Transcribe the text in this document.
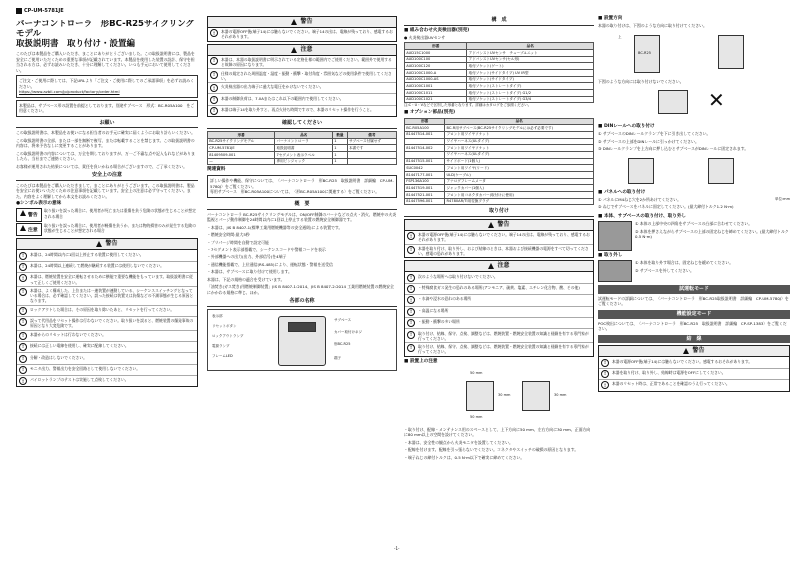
CP-UM-5781JE
バーナコントローラ　形BC-R25サイクリングモデル
取扱説明書　取り付け・設置編
このたびは本製品をご購入いただき、まことにありがとうございました。この取扱説明書には、製品を安全にご使用いただくための重要な事項が記載されています。本製品を使用した装置の設計、保守を担当される方は、必ずお読みいただき、十分に理解してください。いつも手元において使用してください。
ご注文・ご使用に際しては、下記URLより「ご注文・ご使用に際してのご承諾事項」を必ずお読みください。
https://www.azbil.com/jp/product/factory/order.html
本製品は、サブベース形の設置を前提としております。別途サブベース　形式：BC-R05A100　をご用意ください。
お願い
この取扱説明書は、本製品をお使いになる担当者のお手元に確実に届くようにお取り計らいください。
この取扱説明書の全部、または一部を無断で複写、または転載することを禁じます。この取扱説明書の内容は、将来予告なしに変更することがあります。
この取扱説明書の内容については、万全を期しておりますが、万一ご不審な点や記入もれなどがありましたら、当社までご連絡ください。
お客様が運用された結果については、責任を負いかねる場合がございますので、ご了承ください。
安全上の注意
このたびは本製品をご購入いただきまして、まことにありがとうございます。この取扱説明書は、製品を安全にお使いいただくための注意事項を記載しています。安全上の注意は必ず守ってください。また、内容をよく理解してから本文をお読みください。
●シンボル表示の意味
警告
取り扱いを誤った場合に、使用者が死亡または重傷を負う危険の状態が生じることが想定される場合
注意
取り扱いを誤った場合に、使用者が軽傷を負うか、または物的損害のみが発生する危険の状態が生じることが想定される場合
警告
!	本器は、24時間以内に1回以上停止する装置に使用してください。
!	本器は、24時間以上連続して燃焼が継続する装置には使用しないでください。
!	本器は、燃焼装置を安全に運転させるために横能で重要な機能をもっています。取扱説明書に従って正しくご使用ください。
!	本器は、よく構成した、上位または一連装置が連動している、シーケンススイッチングとなっている場合は、必ず確認してください。誤った接続は装置又は負傷などの不測事態が生じる原因となります。
!	ロックアウトした場合は、その原因を取り除いたあと、リセットを行ってください。
!	誤って代用品をリセット操作は行わないでください。取り扱いを誤ると、燃焼装置の爆発事故の原因となり大変危険です。
!	本器からのリセットは行わないでください。
!	接続には正しい電線を使用し、確実に配線してください。
!	分解・改造はしないでください。
!	モニタ出力、警報出力を安全回路として使用しないでください。
!	パイロットランプのテストは実施して点検してください。
警告
!	本器の電源OFF後(端子14)には触らないでください。端子14の出は、電線が残っており、感電するおそれがあります。
注意
!	本器は、本器の取扱説明書に明示されている定格仕様の範囲内でご使用ください。範囲外で使用すると故障の原因になります。
!	仕様の規定された周囲温度・湿度・振動・衝撃・取付角度・雰囲気などの使用条件で使用してください。
!	火炎検出器の出力端子に過大な電圧をかけないでください。
!	本器の制御負荷は、7.0Aまたはこれ以下の範囲内で使用してください。
!	本器は端子14を取り外すと、再点火待ち時間ですので、本器のリセット操作を行うこと。
確認してください
形番	品名	数量	備考
BC-R25サイクリングモデル	バーナコントローラ	1	サブベース付属せず
CP-UM-5781JE	取扱説明書	1	本書です
81409509-001	7セグメント表示ラベル	1	
—	専用ピンジャック	1	
関連資料
詳しい操作や機能、保守については、〈バーナコントローラ　形BC-R25　取扱説明書　詳細編　CP-UM-5780J〉をご覧ください。
専用サブベース　形BC-R05A100については、〈形BC-R05A100に関連する〉をご覧ください。
概　要
バーナコントローラ BC-R25サイクリングモデルは、ON/OFF制御のバーナなどの点火・消火、燃焼中の火炎監視とパージ動作制御を24時間以内に1回以上停止する装置の燃焼安全制御器です。
・本器は、JIS B 8407-1(標準工業用燃焼機器等の安全通則)による装置です。
・燃焼安全時間:最大5秒
・プリパージ時間を自動で設定可能
・7セグメント表示部搭載で、シーケンスコードや警報コードを表示
・外部機器への出力(出力、外部信号)を4端子
・通信機能搭載で、上位通信(RS-485)により、運転状態・警報を送受信
・本器は、サブベースに取り付けて使用します。
本器は、下記の規格の適合を受けています。
「油焚き(ガス焚き)用燃焼制御装置」JIS B 8407-1:2014、JIS B 8407-2:2014 工業用燃焼装置の燃焼安全にかかわる規格に準じ、ほか。
各部の名称
表示部
リセットボタン
ロックアウトランプ
電源ランプ
フレームLED
サブベース
カバー取付けネジ
形BC-R25
端子
構　成
■ 組み合わせ火炎検出器(別売)
● 火炎検出器UVセンサ
形番	品名
AUD15C1000	アドバンストUVセンサ　チューブユニット
AUD100C100	アドバンストUVセンサ(セル形)
AUD100C120	取付ソケット(ゲート)
AUD100C1000-A	取付ソケット(サイドタイプ) UV IR型
AUD100C1000-AS	取付ソケット(サイドタイプ)
AUD100C1001	取付ソケット(ストレートタイプ)
AUD100C1011	取付ソケット(ストレートタイプ) G1/2
AUD100C1021	取付ソケット(ストレートタイプ) G3/4
注:C・U・Vなどで区別した形番となります。詳細はカタログをご参照ください。
■ オプション部品(別売)
形番	品名
BC-R05A100	BC-R用サブベース(BC-R25サイクリングモデルには必ず必要です)
81447514-001	フロント用ワイヤソケット
	ワイヤハーネス(ULタイプ)
81447514-002	フロント用ワイヤソケット
	ワイヤハーネス(ULタイプ)
81447515-001	サイドボード(1個入)
SUC0042	フロント用ワイヤ(リード)
81447177-001	ULD(ケーブル)
FSP136A100	アナログフレームメータ
81447519-001	ジャックカバー(1個入)
81447521-001	フロント用コネクタカバー(取付けに使用)
81447596-001	R4780AR/TI用変換プラグ
取り付け
警告
!	本器の電源OFF後(端子14)には触らないでください。端子14の出は、電線が残っており、感電するおそれがあります。
!	本器を取り付け、取り外し、および結線のときは、本器および接続機器の電源をすべて切ってください。感電の恐れがあります。
注意
!	次のような場所へは取り付けないでください。
!	・特殊腐食ガス発生の恐れのある場所(アンモニア、硫黄、塩素、エチレン化合物、酸、その他)
!	・水滴や浸水の恐れのある場所
!	・高温になる場所
!	・振動・衝撃の多い場所
!	取り付け、結線、保守、点検、調整などは、燃焼装置・燃焼安全装置の知識と経験を有する専門家が行ってください。
!	取り付け、結線、保守、点検、調整などは、燃焼装置・燃焼安全装置の知識と経験を有する専門家が行ってください。
■ 設置上の注意
50 mm
30 mm	30 mm
50 mm
・取り付け、配線・メンテナンス用のスペースとして、上下方向に50 mm、左右方向に30 mm、正面方向に80 mm以上の空間を設けてください。
・本器は、安全性の観点から火炎モニタを設置してください。
・配線を付けます。配線を引っ張らないでください。コネクタやスイッチの破損の原因となります。
・端子ねじの締付トルクは、0.5 N·m以下で確実に締めてください。
■ 設置方向
本器の取り付けは、下図のような方向に取り付けてください。
BC-R25
上
下図のような方向には取り付けないでください。
✕
■ DINレールへの取り付け
① サブベースのDINレールクランプを下に引き出してください。
② サブベースの上部をDINレールに引っかけてください。
③ DINレールクランプを上方向に押し込むとサブベースがDINレールに固定されます。
■ パネルへの取り付け
① パネルにM4ねじ穴を2か所あけてください。
② ねじでサブベースをパネルに固定してください。(最大締付トルク1.2 N·m)
単位:mm
■ 本体、サブベースの取り付け、取り外し
① 本体の上部中央の四角をサブベースの凸部に合わせてください。
② 本体を押さえながらサブベースの上部の固定ねじを締めてください。(最大締付トルク 0.5 N·m)
■ 取り外し
① 本体を取り外す場合は、固定ねじを緩めてください。
② サブベースを外してください。
試運転モード
試運転モードの詳細については、〈バーナコントローラ　形BC-R25取扱説明書　詳細編　CP-UM-5780J〉をご覧ください。
機能設定モード
POC検出については、〈バーナコントローラ　形BC-R25　取扱説明書　詳細編　CP-SP-1383〉をご覧ください。
結　線
警告
!	本器の電源OFF後(端子14)には触らないでください。感電するおそれがあります。
!	本器を取り付け、取り外し、結線時は電源をOFFにしてください。
!	本器のリセット時は、正常であることを確認のうえ行ってください。
-1-
